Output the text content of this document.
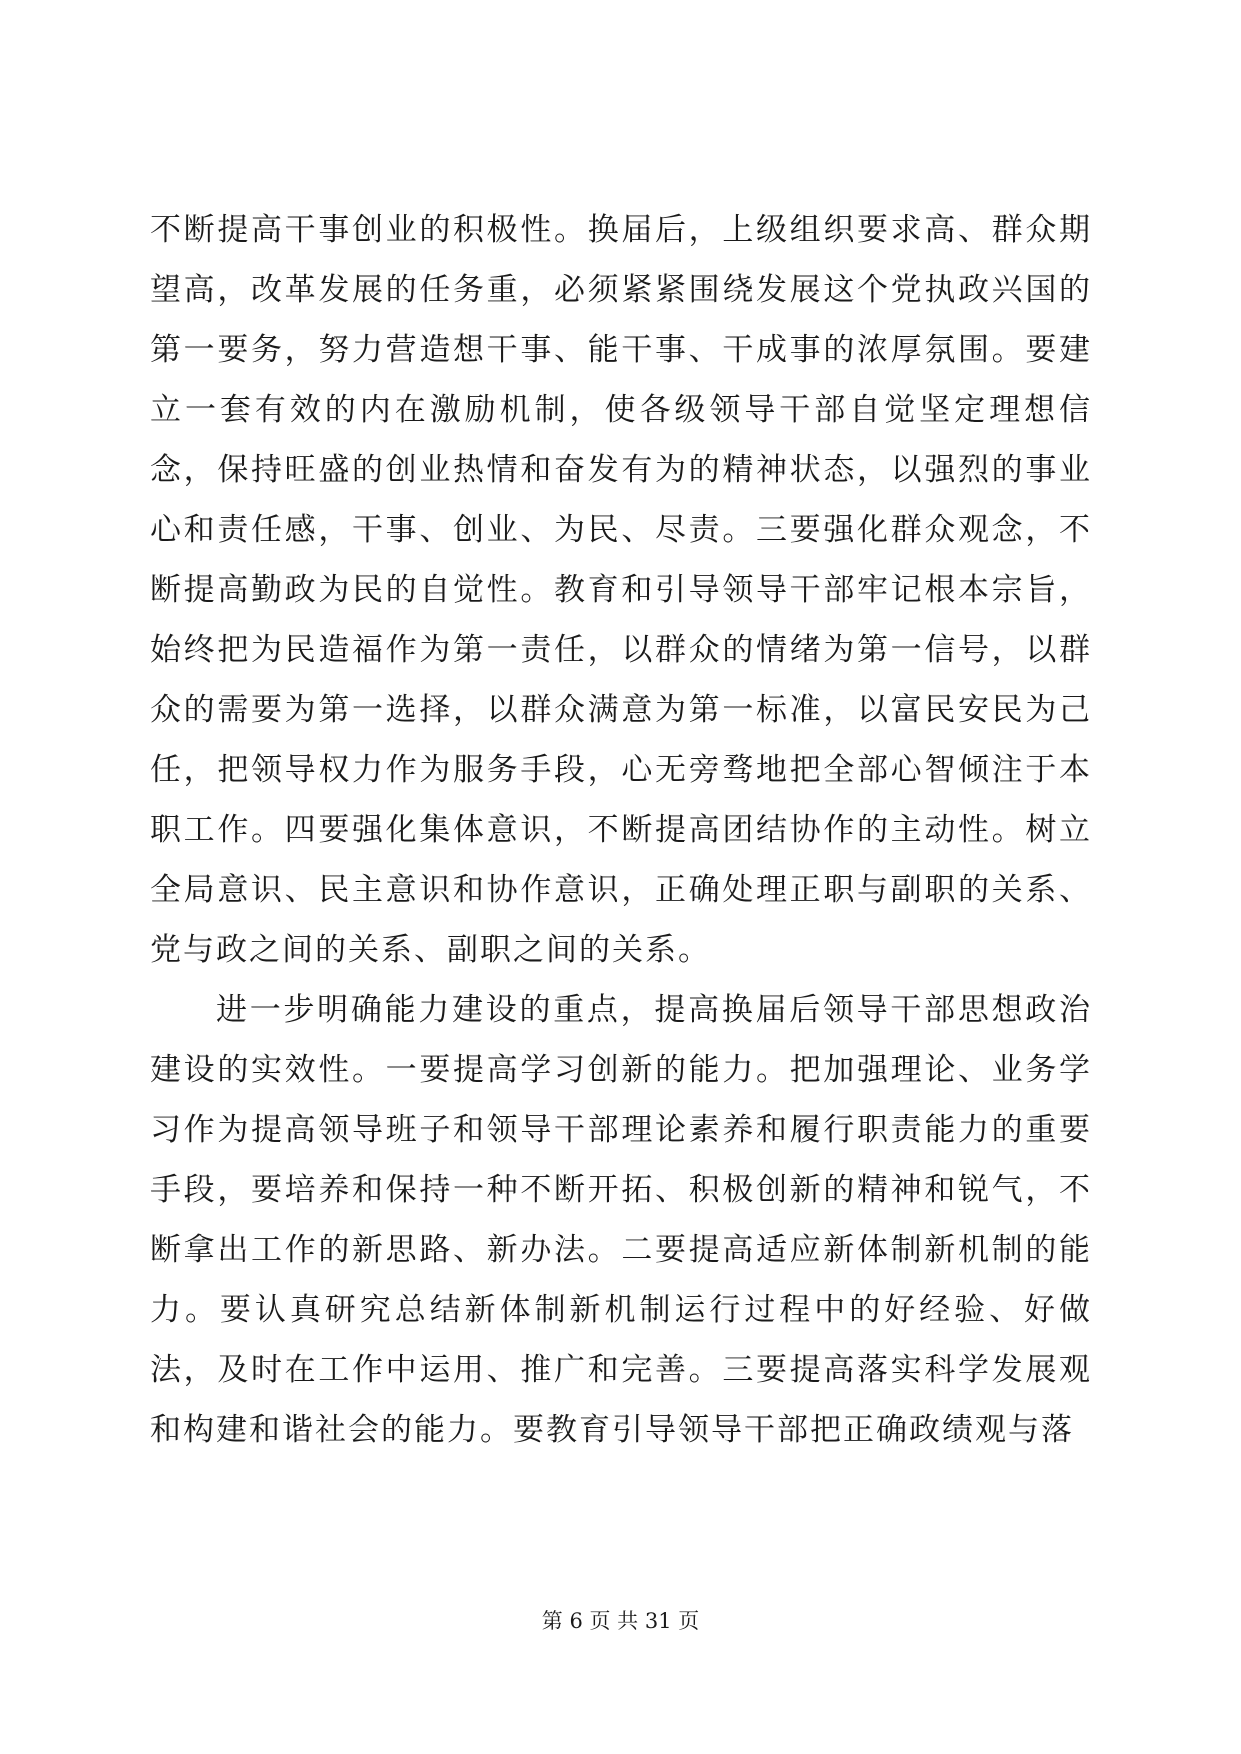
不断提高干事创业的积极性。换届后，上级组织要求高、群众期望高，改革发展的任务重，必须紧紧围绕发展这个党执政兴国的第一要务，努力营造想干事、能干事、干成事的浓厚氛围。要建立一套有效的内在激励机制，使各级领导干部自觉坚定理想信念，保持旺盛的创业热情和奋发有为的精神状态，以强烈的事业心和责任感，干事、创业、为民、尽责。三要强化群众观念，不断提高勤政为民的自觉性。教育和引导领导干部牢记根本宗旨，始终把为民造福作为第一责任，以群众的情绪为第一信号，以群众的需要为第一选择，以群众满意为第一标准，以富民安民为己任，把领导权力作为服务手段，心无旁骛地把全部心智倾注于本职工作。四要强化集体意识，不断提高团结协作的主动性。树立全局意识、民主意识和协作意识，正确处理正职与副职的关系、党与政之间的关系、副职之间的关系。

进一步明确能力建设的重点，提高换届后领导干部思想政治建设的实效性。一要提高学习创新的能力。把加强理论、业务学习作为提高领导班子和领导干部理论素养和履行职责能力的重要手段，要培养和保持一种不断开拓、积极创新的精神和锐气，不断拿出工作的新思路、新办法。二要提高适应新体制新机制的能力。要认真研究总结新体制新机制运行过程中的好经验、好做法，及时在工作中运用、推广和完善。三要提高落实科学发展观和构建和谐社会的能力。要教育引导领导干部把正确政绩观与落

第 6 页 共 31 页
